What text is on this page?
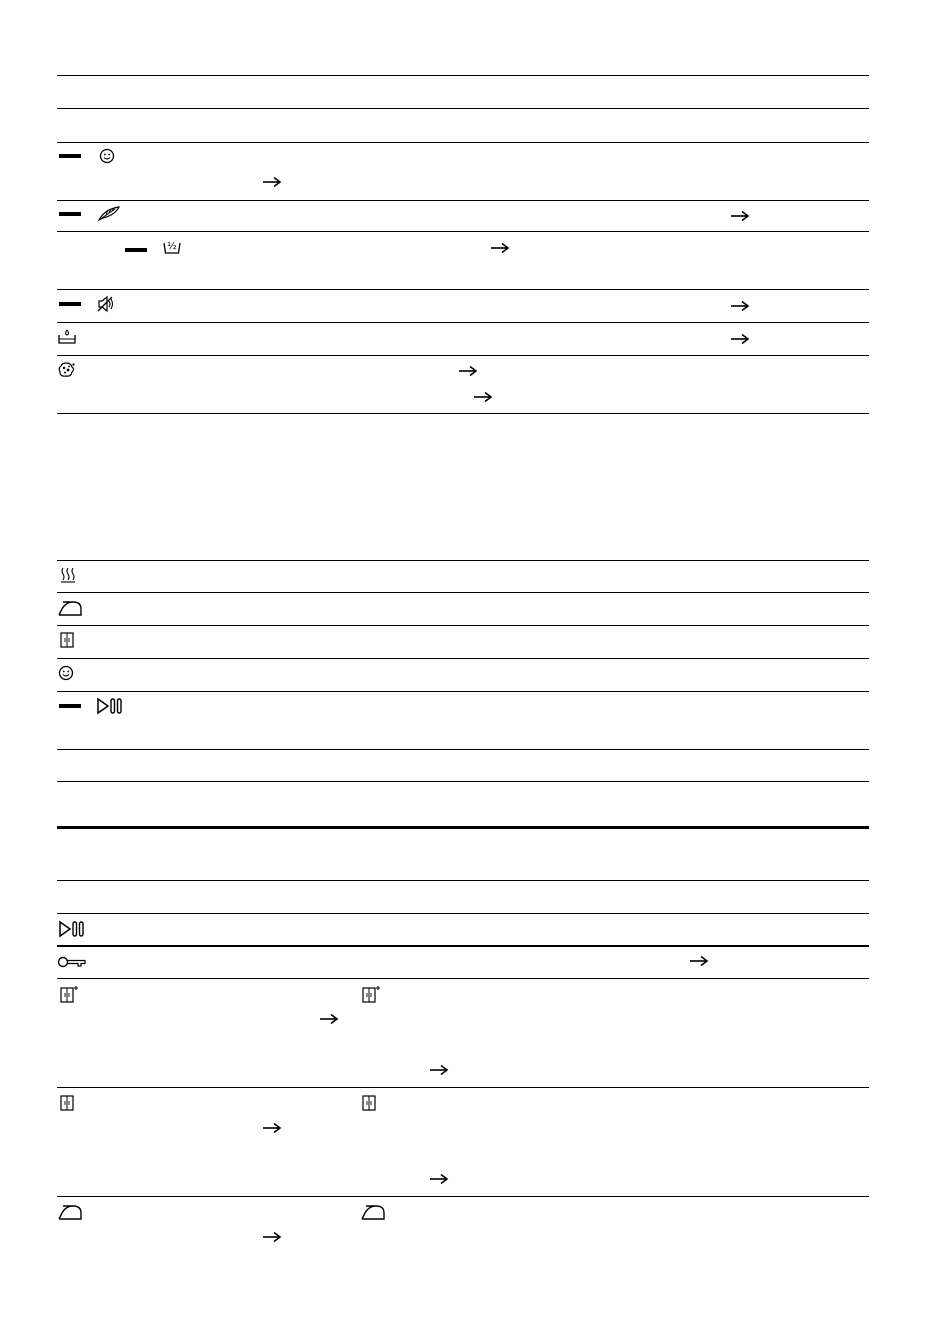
½
